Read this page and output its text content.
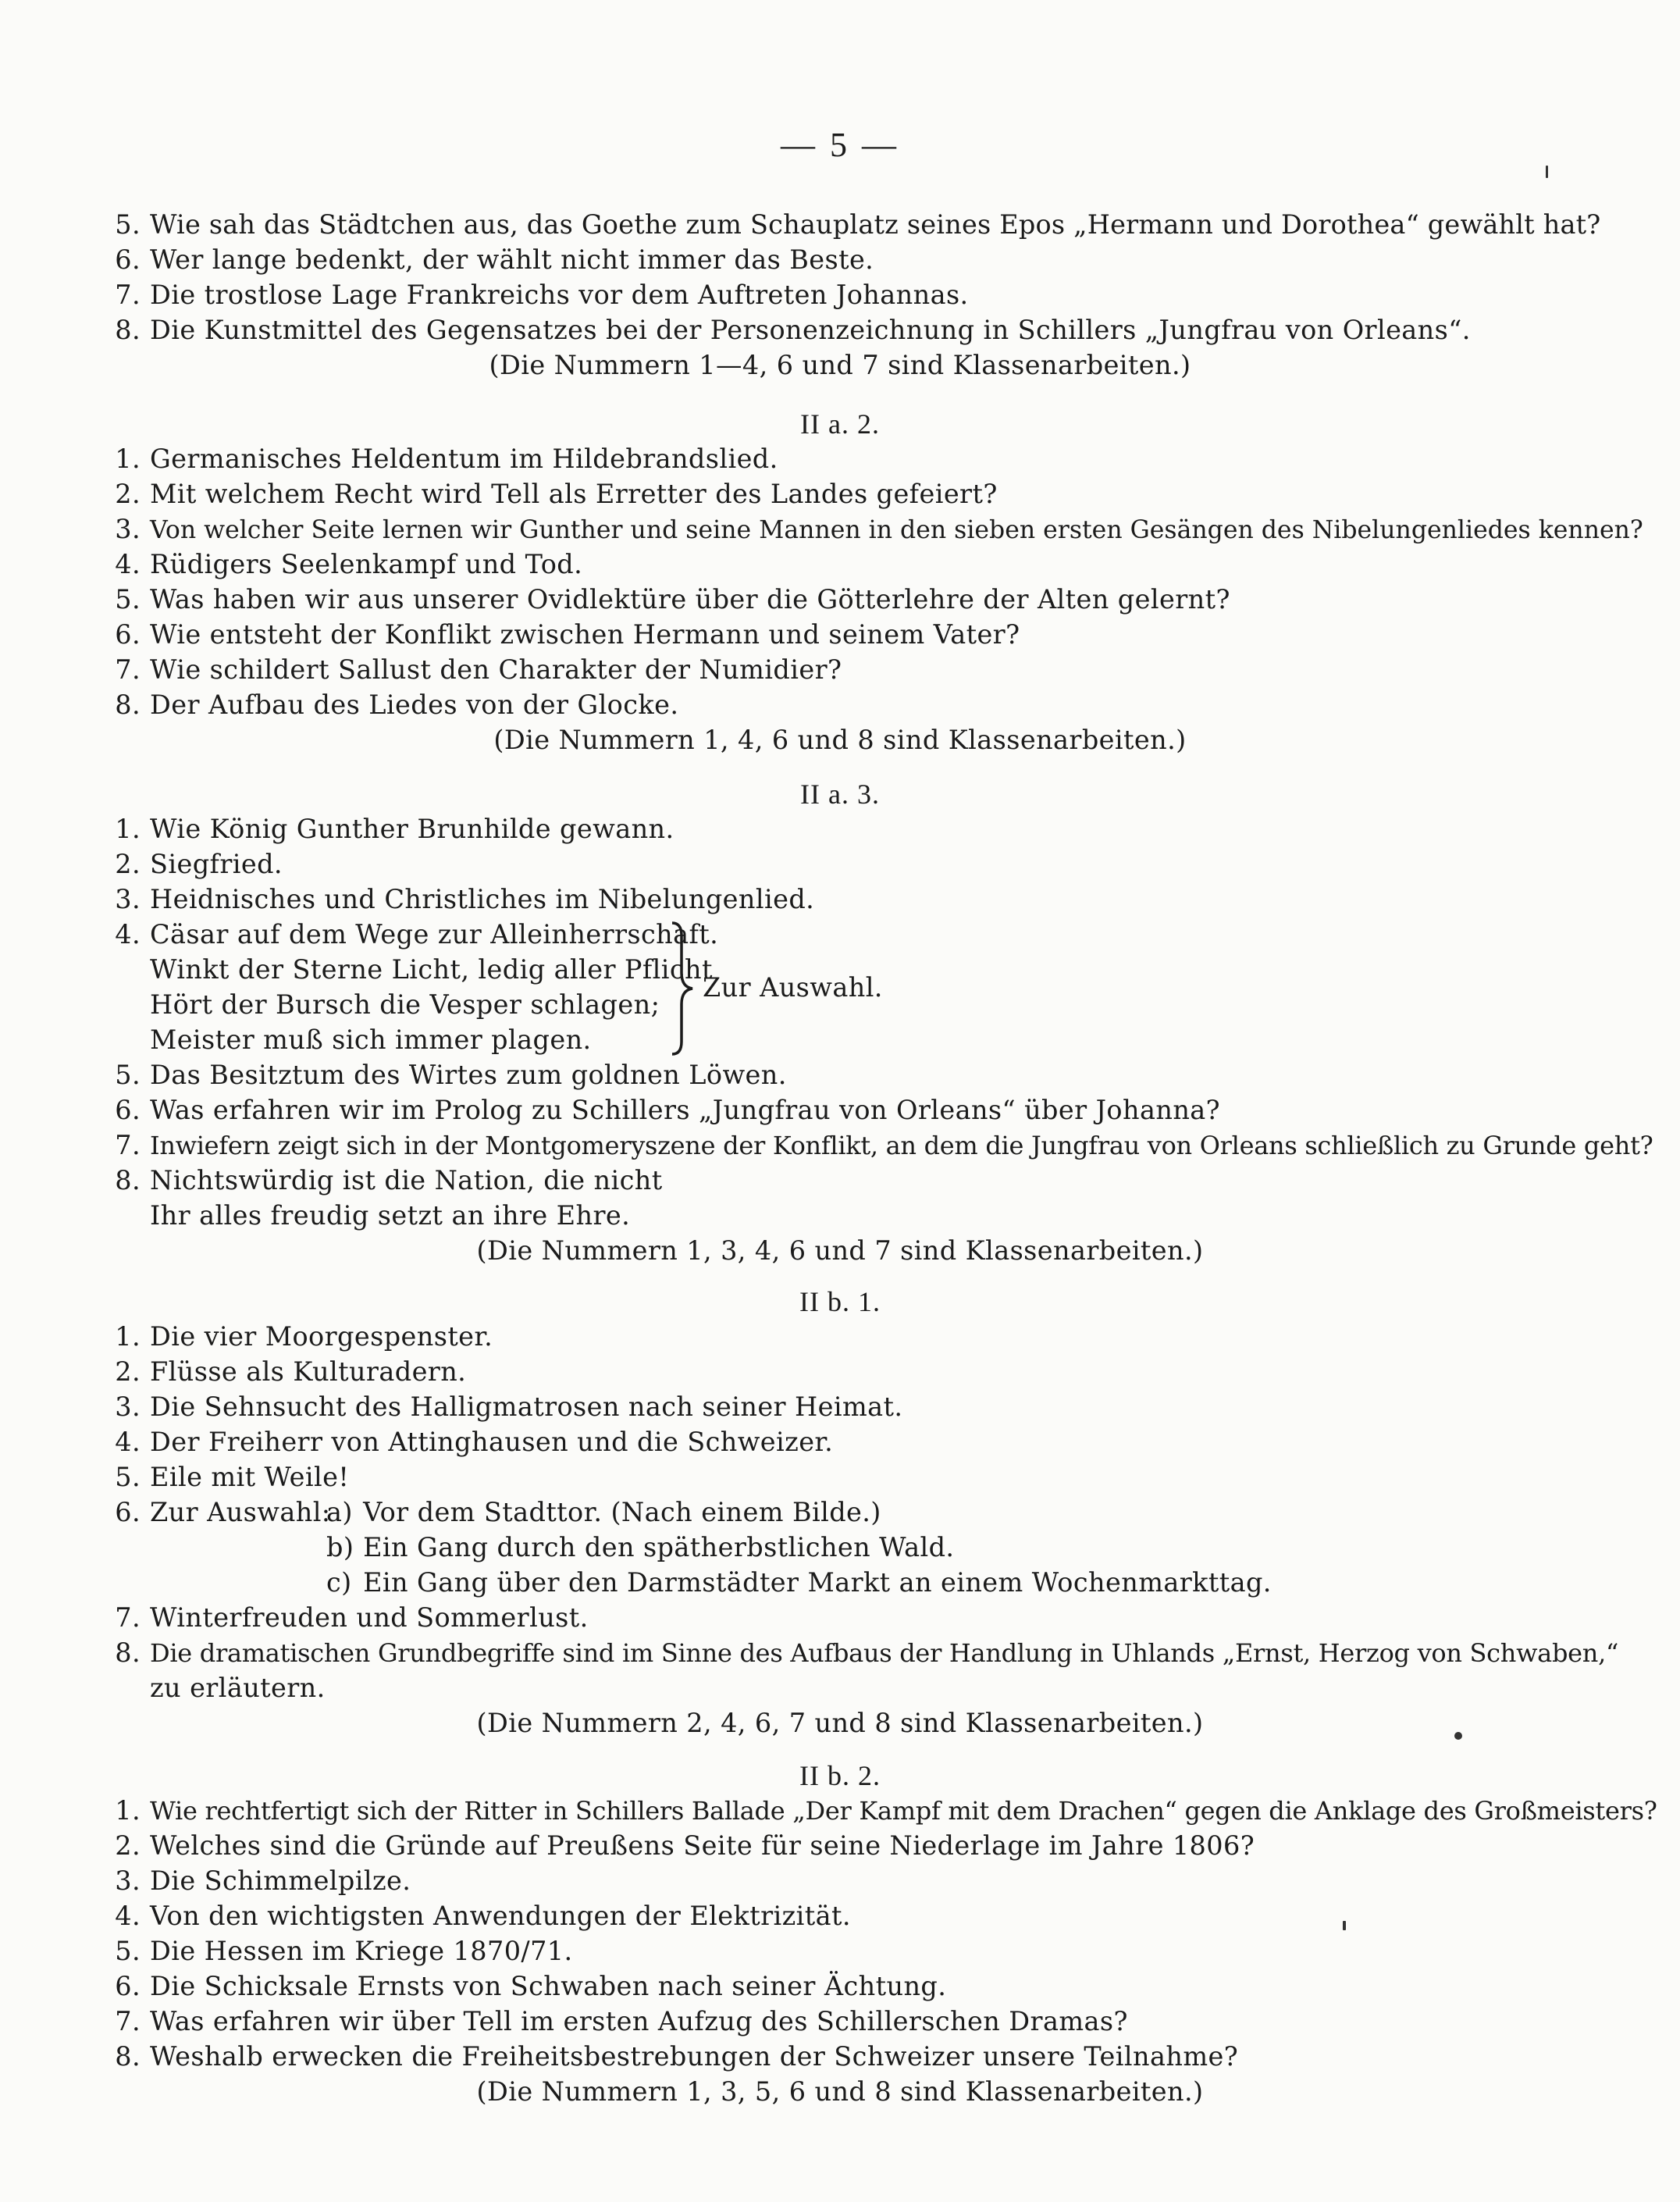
— 5 —
5. Wie sah das Städtchen aus, das Goethe zum Schauplatz seines Epos „Hermann und Dorothea“ gewählt hat?
6. Wer lange bedenkt, der wählt nicht immer das Beste.
7. Die trostlose Lage Frankreichs vor dem Auftreten Johannas.
8. Die Kunstmittel des Gegensatzes bei der Personenzeichnung in Schillers „Jungfrau von Orleans“.
(Die Nummern 1—4, 6 und 7 sind Klassenarbeiten.)
II a. 2.
1. Germanisches Heldentum im Hildebrandslied.
2. Mit welchem Recht wird Tell als Erretter des Landes gefeiert?
3. Von welcher Seite lernen wir Gunther und seine Mannen in den sieben ersten Gesängen des Nibelungenliedes kennen?
4. Rüdigers Seelenkampf und Tod.
5. Was haben wir aus unserer Ovidlektüre über die Götterlehre der Alten gelernt?
6. Wie entsteht der Konflikt zwischen Hermann und seinem Vater?
7. Wie schildert Sallust den Charakter der Numidier?
8. Der Aufbau des Liedes von der Glocke.
(Die Nummern 1, 4, 6 und 8 sind Klassenarbeiten.)
II a. 3.
1. Wie König Gunther Brunhilde gewann.
2. Siegfried.
3. Heidnisches und Christliches im Nibelungenlied.
4. Cäsar auf dem Wege zur Alleinherrschaft.
Winkt der Sterne Licht, ledig aller Pflicht
Hört der Bursch die Vesper schlagen;
Meister muß sich immer plagen.
Zur Auswahl.
5. Das Besitztum des Wirtes zum goldnen Löwen.
6. Was erfahren wir im Prolog zu Schillers „Jungfrau von Orleans“ über Johanna?
7. Inwiefern zeigt sich in der Montgomeryszene der Konflikt, an dem die Jungfrau von Orleans schließlich zu Grunde geht?
8. Nichtswürdig ist die Nation, die nicht
Ihr alles freudig setzt an ihre Ehre.
(Die Nummern 1, 3, 4, 6 und 7 sind Klassenarbeiten.)
II b. 1.
1. Die vier Moorgespenster.
2. Flüsse als Kulturadern.
3. Die Sehnsucht des Halligmatrosen nach seiner Heimat.
4. Der Freiherr von Attinghausen und die Schweizer.
5. Eile mit Weile!
6. Zur Auswahl:
a) Vor dem Stadttor. (Nach einem Bilde.)
b) Ein Gang durch den spätherbstlichen Wald.
c) Ein Gang über den Darmstädter Markt an einem Wochenmarkttag.
7. Winterfreuden und Sommerlust.
8. Die dramatischen Grundbegriffe sind im Sinne des Aufbaus der Handlung in Uhlands „Ernst, Herzog von Schwaben,“
zu erläutern.
(Die Nummern 2, 4, 6, 7 und 8 sind Klassenarbeiten.)
II b. 2.
1. Wie rechtfertigt sich der Ritter in Schillers Ballade „Der Kampf mit dem Drachen“ gegen die Anklage des Großmeisters?
2. Welches sind die Gründe auf Preußens Seite für seine Niederlage im Jahre 1806?
3. Die Schimmelpilze.
4. Von den wichtigsten Anwendungen der Elektrizität.
5. Die Hessen im Kriege 1870/71.
6. Die Schicksale Ernsts von Schwaben nach seiner Ächtung.
7. Was erfahren wir über Tell im ersten Aufzug des Schillerschen Dramas?
8. Weshalb erwecken die Freiheitsbestrebungen der Schweizer unsere Teilnahme?
(Die Nummern 1, 3, 5, 6 und 8 sind Klassenarbeiten.)
